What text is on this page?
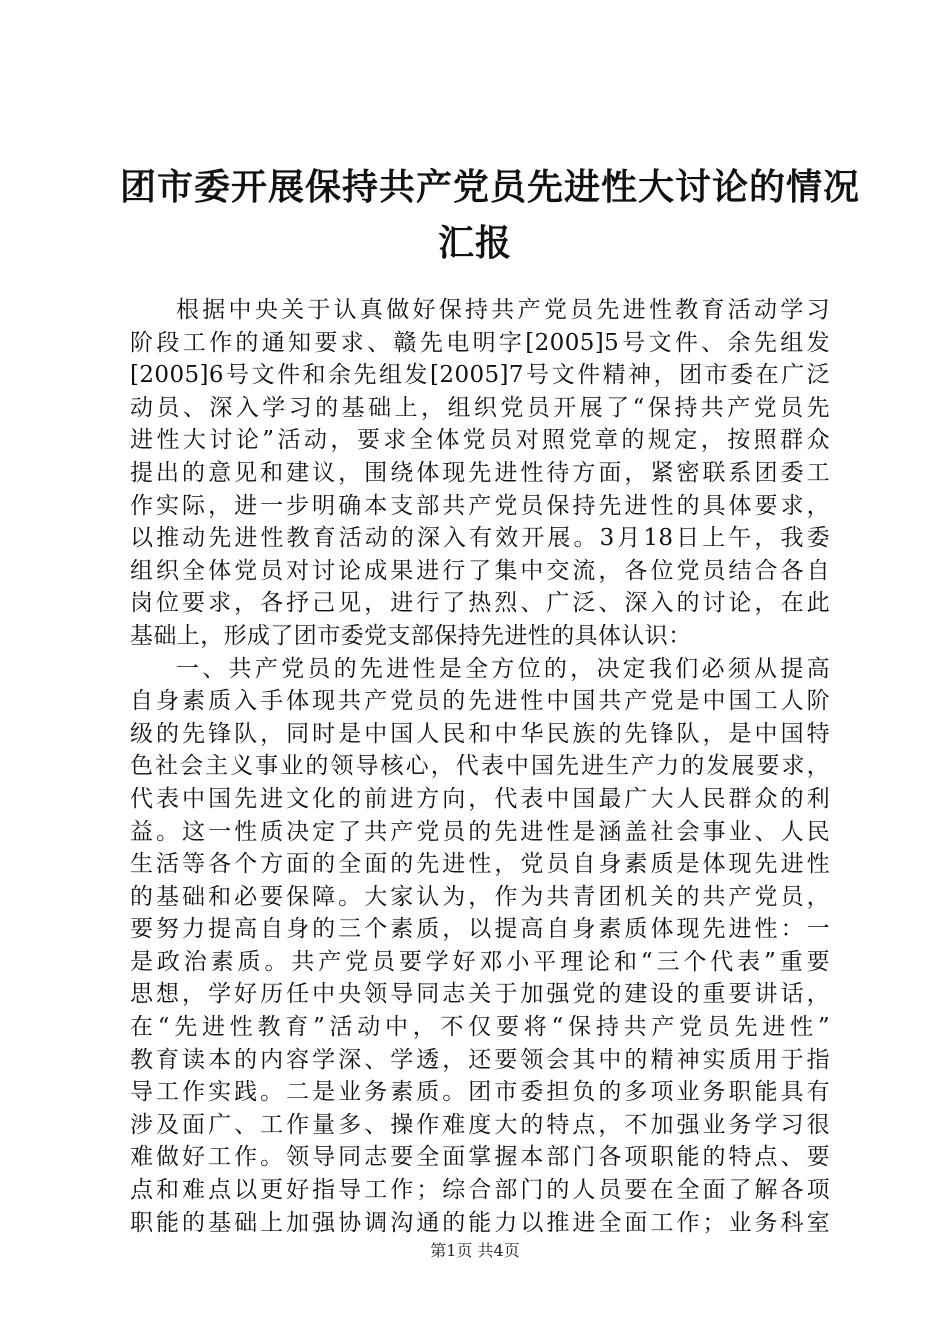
团市委开展保持共产党员先进性大讨论的情况
汇报
根据中央关于认真做好保持共产党员先进性教育活动学习
阶段工作的通知要求、赣先电明字[2005]5号文件、余先组发
[2005]6号文件和余先组发[2005]7号文件精神，团市委在广泛
动员、深入学习的基础上，组织党员开展了“保持共产党员先
进性大讨论”活动，要求全体党员对照党章的规定，按照群众
提出的意见和建议，围绕体现先进性待方面，紧密联系团委工
作实际，进一步明确本支部共产党员保持先进性的具体要求，
以推动先进性教育活动的深入有效开展。3月18日上午，我委
组织全体党员对讨论成果进行了集中交流，各位党员结合各自
岗位要求，各抒己见，进行了热烈、广泛、深入的讨论，在此
基础上，形成了团市委党支部保持先进性的具体认识：
一、共产党员的先进性是全方位的，决定我们必须从提高
自身素质入手体现共产党员的先进性中国共产党是中国工人阶
级的先锋队，同时是中国人民和中华民族的先锋队，是中国特
色社会主义事业的领导核心，代表中国先进生产力的发展要求，
代表中国先进文化的前进方向，代表中国最广大人民群众的利
益。这一性质决定了共产党员的先进性是涵盖社会事业、人民
生活等各个方面的全面的先进性，党员自身素质是体现先进性
的基础和必要保障。大家认为，作为共青团机关的共产党员，
要努力提高自身的三个素质，以提高自身素质体现先进性：一
是政治素质。共产党员要学好邓小平理论和“三个代表”重要
思想，学好历任中央领导同志关于加强党的建设的重要讲话，
在“先进性教育”活动中，不仅要将“保持共产党员先进性”
教育读本的内容学深、学透，还要领会其中的精神实质用于指
导工作实践。二是业务素质。团市委担负的多项业务职能具有
涉及面广、工作量多、操作难度大的特点，不加强业务学习很
难做好工作。领导同志要全面掌握本部门各项职能的特点、要
点和难点以更好指导工作；综合部门的人员要在全面了解各项
职能的基础上加强协调沟通的能力以推进全面工作；业务科室
第1页 共4页
